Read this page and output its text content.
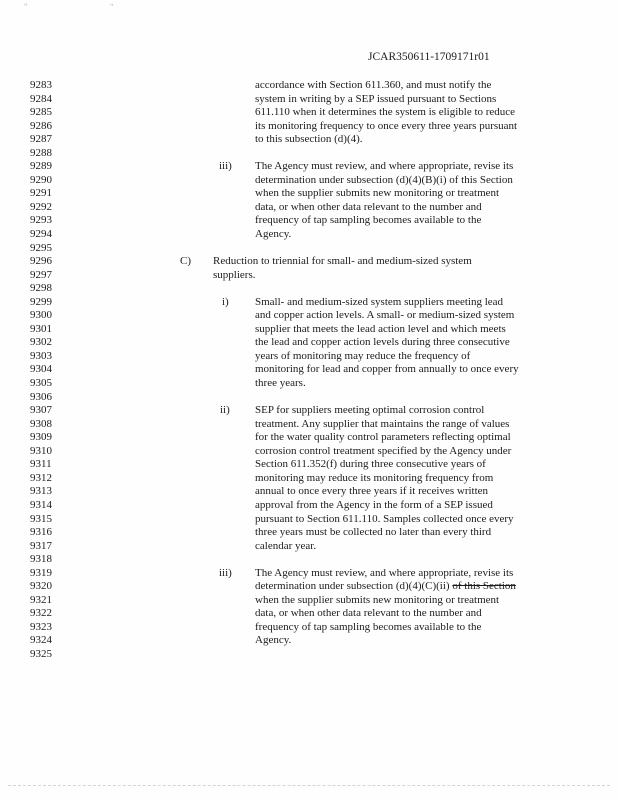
″ ʺ
JCAR350611-1709171r01
9283	accordance with Section 611.360, and must notify the
9284	system in writing by a SEP issued pursuant to Sections
9285	611.110 when it determines the system is eligible to reduce
9286	its monitoring frequency to once every three years pursuant
9287	to this subsection (d)(4).
9288
9289	iii) The Agency must review, and where appropriate, revise its
9290	determination under subsection (d)(4)(B)(i) of this Section
9291	when the supplier submits new monitoring or treatment
9292	data, or when other data relevant to the number and
9293	frequency of tap sampling becomes available to the
9294	Agency.
9295
9296	C) Reduction to triennial for small- and medium-sized system
9297	suppliers.
9298
9299	i) Small- and medium-sized system suppliers meeting lead
9300	and copper action levels. A small- or medium-sized system
9301	supplier that meets the lead action level and which meets
9302	the lead and copper action levels during three consecutive
9303	years of monitoring may reduce the frequency of
9304	monitoring for lead and copper from annually to once every
9305	three years.
9306
9307	ii) SEP for suppliers meeting optimal corrosion control
9308	treatment. Any supplier that maintains the range of values
9309	for the water quality control parameters reflecting optimal
9310	corrosion control treatment specified by the Agency under
9311	Section 611.352(f) during three consecutive years of
9312	monitoring may reduce its monitoring frequency from
9313	annual to once every three years if it receives written
9314	approval from the Agency in the form of a SEP issued
9315	pursuant to Section 611.110. Samples collected once every
9316	three years must be collected no later than every third
9317	calendar year.
9318
9319	iii) The Agency must review, and where appropriate, revise its
9320	determination under subsection (d)(4)(C)(ii) of this Section
9321	when the supplier submits new monitoring or treatment
9322	data, or when other data relevant to the number and
9323	frequency of tap sampling becomes available to the
9324	Agency.
9325
